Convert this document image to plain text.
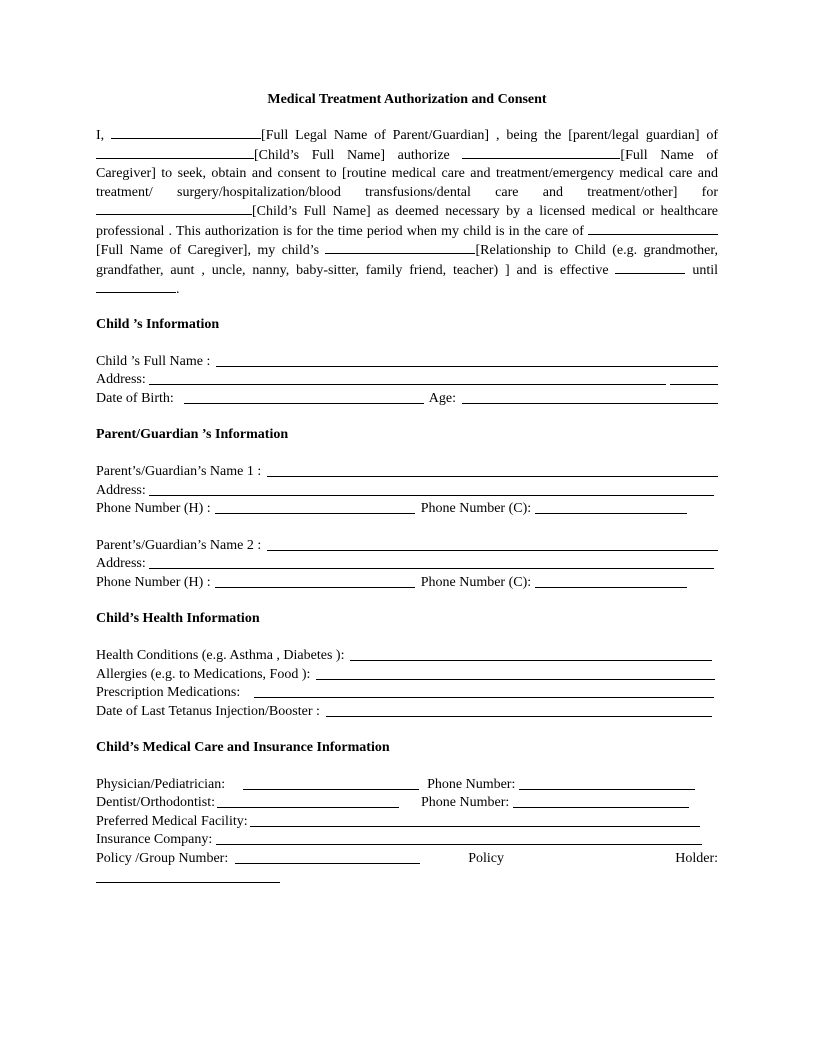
Medical Treatment Authorization and Consent

I,	[Full Legal Name of Parent/Guardian] , being the [parent/legal guardian] of [Child’s Full Name] authorize	[Full Name of Caregiver] to seek, obtain and consent to [routine medical care and treatment/emergency medical care and treatment/ surgery/hospitalization/blood transfusions/dental care and treatment/other] for [Child’s Full Name] as deemed necessary by a licensed medical or healthcare professional . This authorization is for the time period when my child is in the care of [Full Name of Caregiver], my child’s	[Relationship to Child (e.g. grandmother, grandfather, aunt , uncle, nanny, baby-sitter, family friend, teacher) ] and is effective	until .

Child ’s Information
Child ’s Full Name :
Address:
Date of Birth:	Age:
Parent/Guardian ’s Information
Parent’s/Guardian’s Name 1 :
Address:
Phone Number (H) :	Phone Number (C):
Parent’s/Guardian’s Name 2 :
Address:
Phone Number (H) :	Phone Number (C):
Child’s Health Information
Health Conditions (e.g. Asthma , Diabetes ):
Allergies (e.g. to Medications, Food ):
Prescription Medications:
Date of Last Tetanus Injection/Booster :
Child’s Medical Care and Insurance Information
Physician/Pediatrician:	Phone Number:
Dentist/Orthodontist:	Phone Number:
Preferred Medical Facility:
Insurance Company:
Policy /Group Number:	Policy	Holder:
